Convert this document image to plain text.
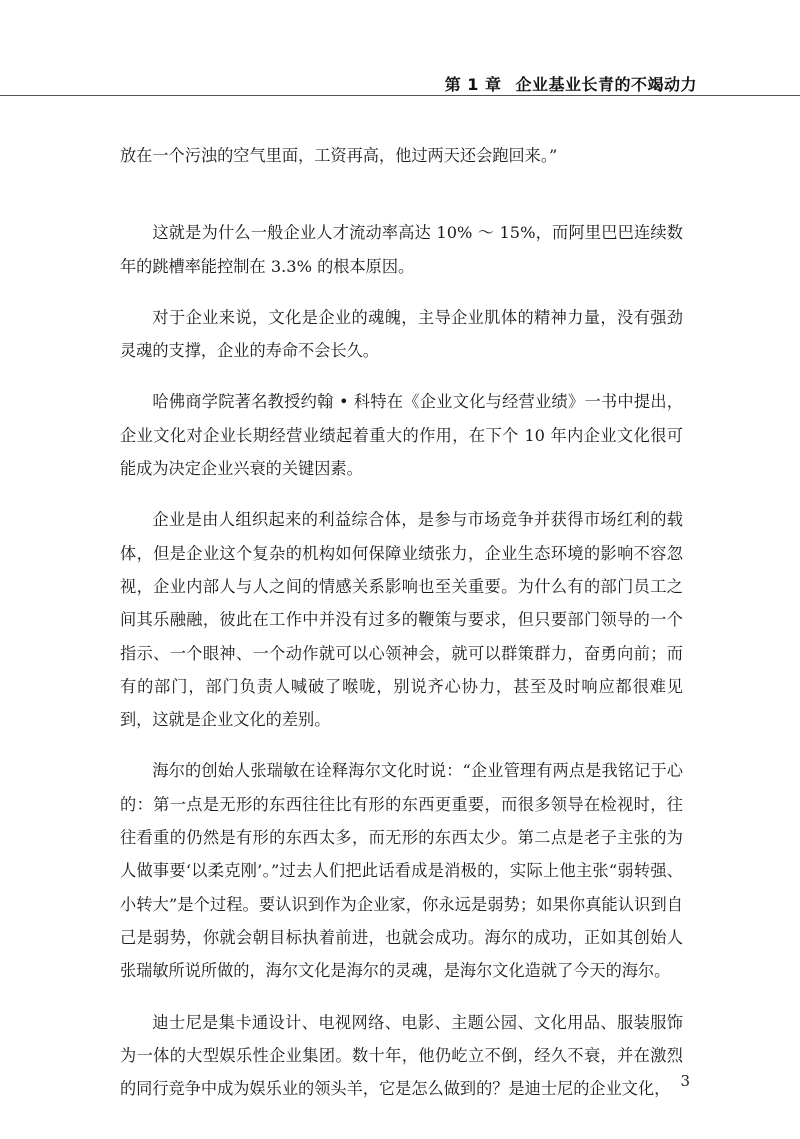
第 1 章 企业基业长青的不竭动力

放在一个污浊的空气里面，工资再高，他过两天还会跑回来。”

这就是为什么一般企业人才流动率高达 10% ～ 15%，而阿里巴巴连续数年的跳槽率能控制在 3.3% 的根本原因。

对于企业来说，文化是企业的魂魄，主导企业肌体的精神力量，没有强劲灵魂的支撑，企业的寿命不会长久。

哈佛商学院著名教授约翰 • 科特在《企业文化与经营业绩》一书中提出，企业文化对企业长期经营业绩起着重大的作用，在下个 10 年内企业文化很可能成为决定企业兴衰的关键因素。

企业是由人组织起来的利益综合体，是参与市场竞争并获得市场红利的载体，但是企业这个复杂的机构如何保障业绩张力，企业生态环境的影响不容忽视，企业内部人与人之间的情感关系影响也至关重要。为什么有的部门员工之间其乐融融，彼此在工作中并没有过多的鞭策与要求，但只要部门领导的一个指示、一个眼神、一个动作就可以心领神会，就可以群策群力，奋勇向前；而有的部门，部门负责人喊破了喉咙，别说齐心协力，甚至及时响应都很难见到，这就是企业文化的差别。

海尔的创始人张瑞敏在诠释海尔文化时说：“企业管理有两点是我铭记于心的：第一点是无形的东西往往比有形的东西更重要，而很多领导在检视时，往往看重的仍然是有形的东西太多，而无形的东西太少。第二点是老子主张的为人做事要‘以柔克刚’。”过去人们把此话看成是消极的，实际上他主张“弱转强、小转大”是个过程。要认识到作为企业家，你永远是弱势；如果你真能认识到自己是弱势，你就会朝目标执着前进，也就会成功。海尔的成功，正如其创始人张瑞敏所说所做的，海尔文化是海尔的灵魂，是海尔文化造就了今天的海尔。

迪士尼是集卡通设计、电视网络、电影、主题公园、文化用品、服装服饰为一体的大型娱乐性企业集团。数十年，他仍屹立不倒，经久不衰，并在激烈的同行竞争中成为娱乐业的领头羊，它是怎么做到的？是迪士尼的企业文化， 3
